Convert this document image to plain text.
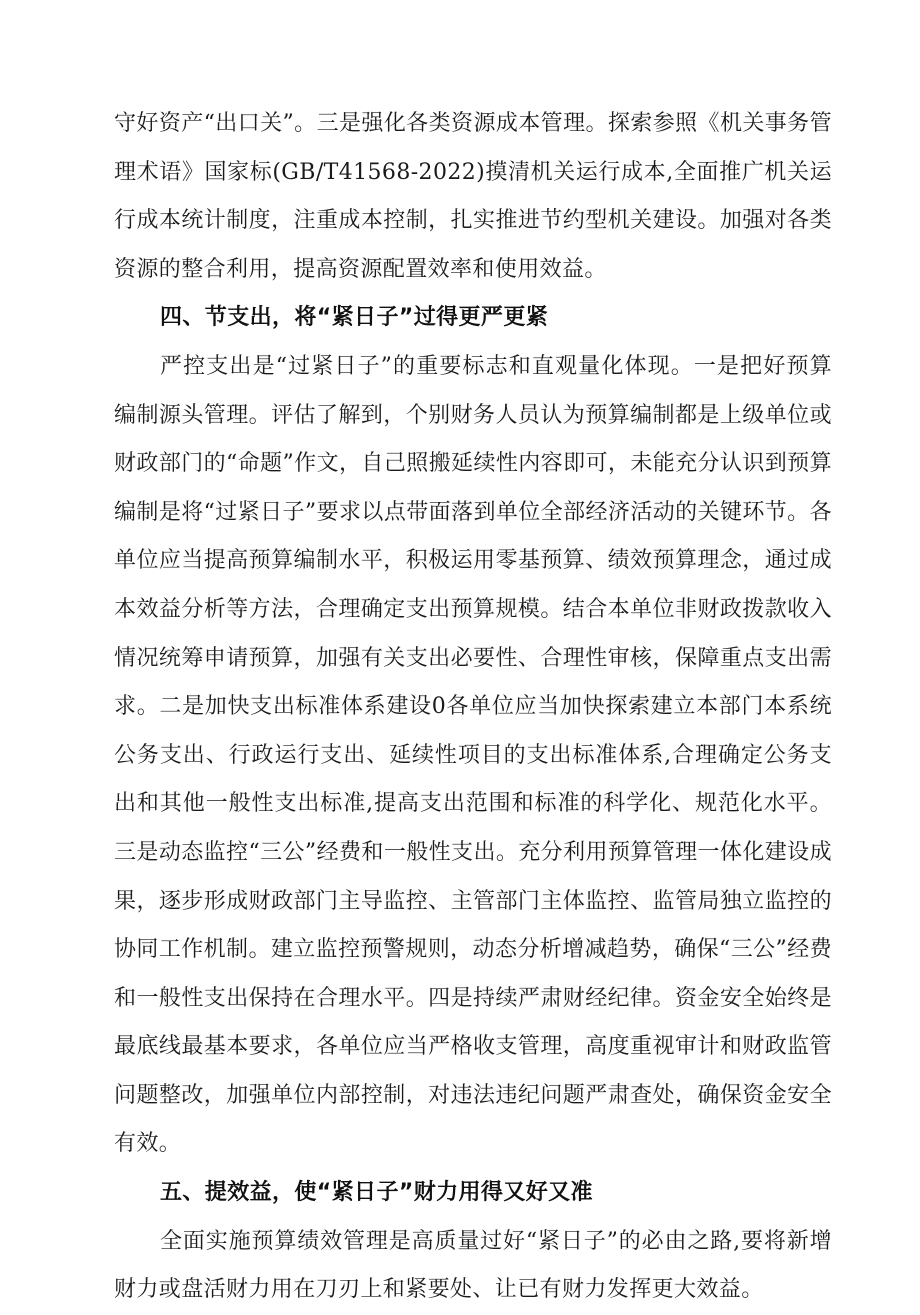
守好资产“出口关”。三是强化各类资源成本管理。探索参照《机关事务管理术语》国家标(GB/T41568-2022)摸清机关运行成本,全面推广机关运行成本统计制度，注重成本控制，扎实推进节约型机关建设。加强对各类资源的整合利用，提高资源配置效率和使用效益。

四、节支出，将“紧日子”过得更严更紧

严控支出是“过紧日子”的重要标志和直观量化体现。一是把好预算编制源头管理。评估了解到，个别财务人员认为预算编制都是上级单位或财政部门的“命题”作文，自己照搬延续性内容即可，未能充分认识到预算编制是将“过紧日子”要求以点带面落到单位全部经济活动的关键环节。各单位应当提高预算编制水平，积极运用零基预算、绩效预算理念，通过成本效益分析等方法，合理确定支出预算规模。结合本单位非财政拨款收入情况统筹申请预算，加强有关支出必要性、合理性审核，保障重点支出需求。二是加快支出标准体系建设0各单位应当加快探索建立本部门本系统公务支出、行政运行支出、延续性项目的支出标准体系,合理确定公务支出和其他一般性支出标准,提高支出范围和标准的科学化、规范化水平。三是动态监控“三公”经费和一般性支出。充分利用预算管理一体化建设成果，逐步形成财政部门主导监控、主管部门主体监控、监管局独立监控的协同工作机制。建立监控预警规则，动态分析增减趋势，确保“三公”经费和一般性支出保持在合理水平。四是持续严肃财经纪律。资金安全始终是最底线最基本要求，各单位应当严格收支管理，高度重视审计和财政监管问题整改，加强单位内部控制，对违法违纪问题严肃查处，确保资金安全有效。

五、提效益，使“紧日子”财力用得又好又准

全面实施预算绩效管理是高质量过好“紧日子”的必由之路,要将新增财力或盘活财力用在刀刃上和紧要处、让已有财力发挥更大效益。
